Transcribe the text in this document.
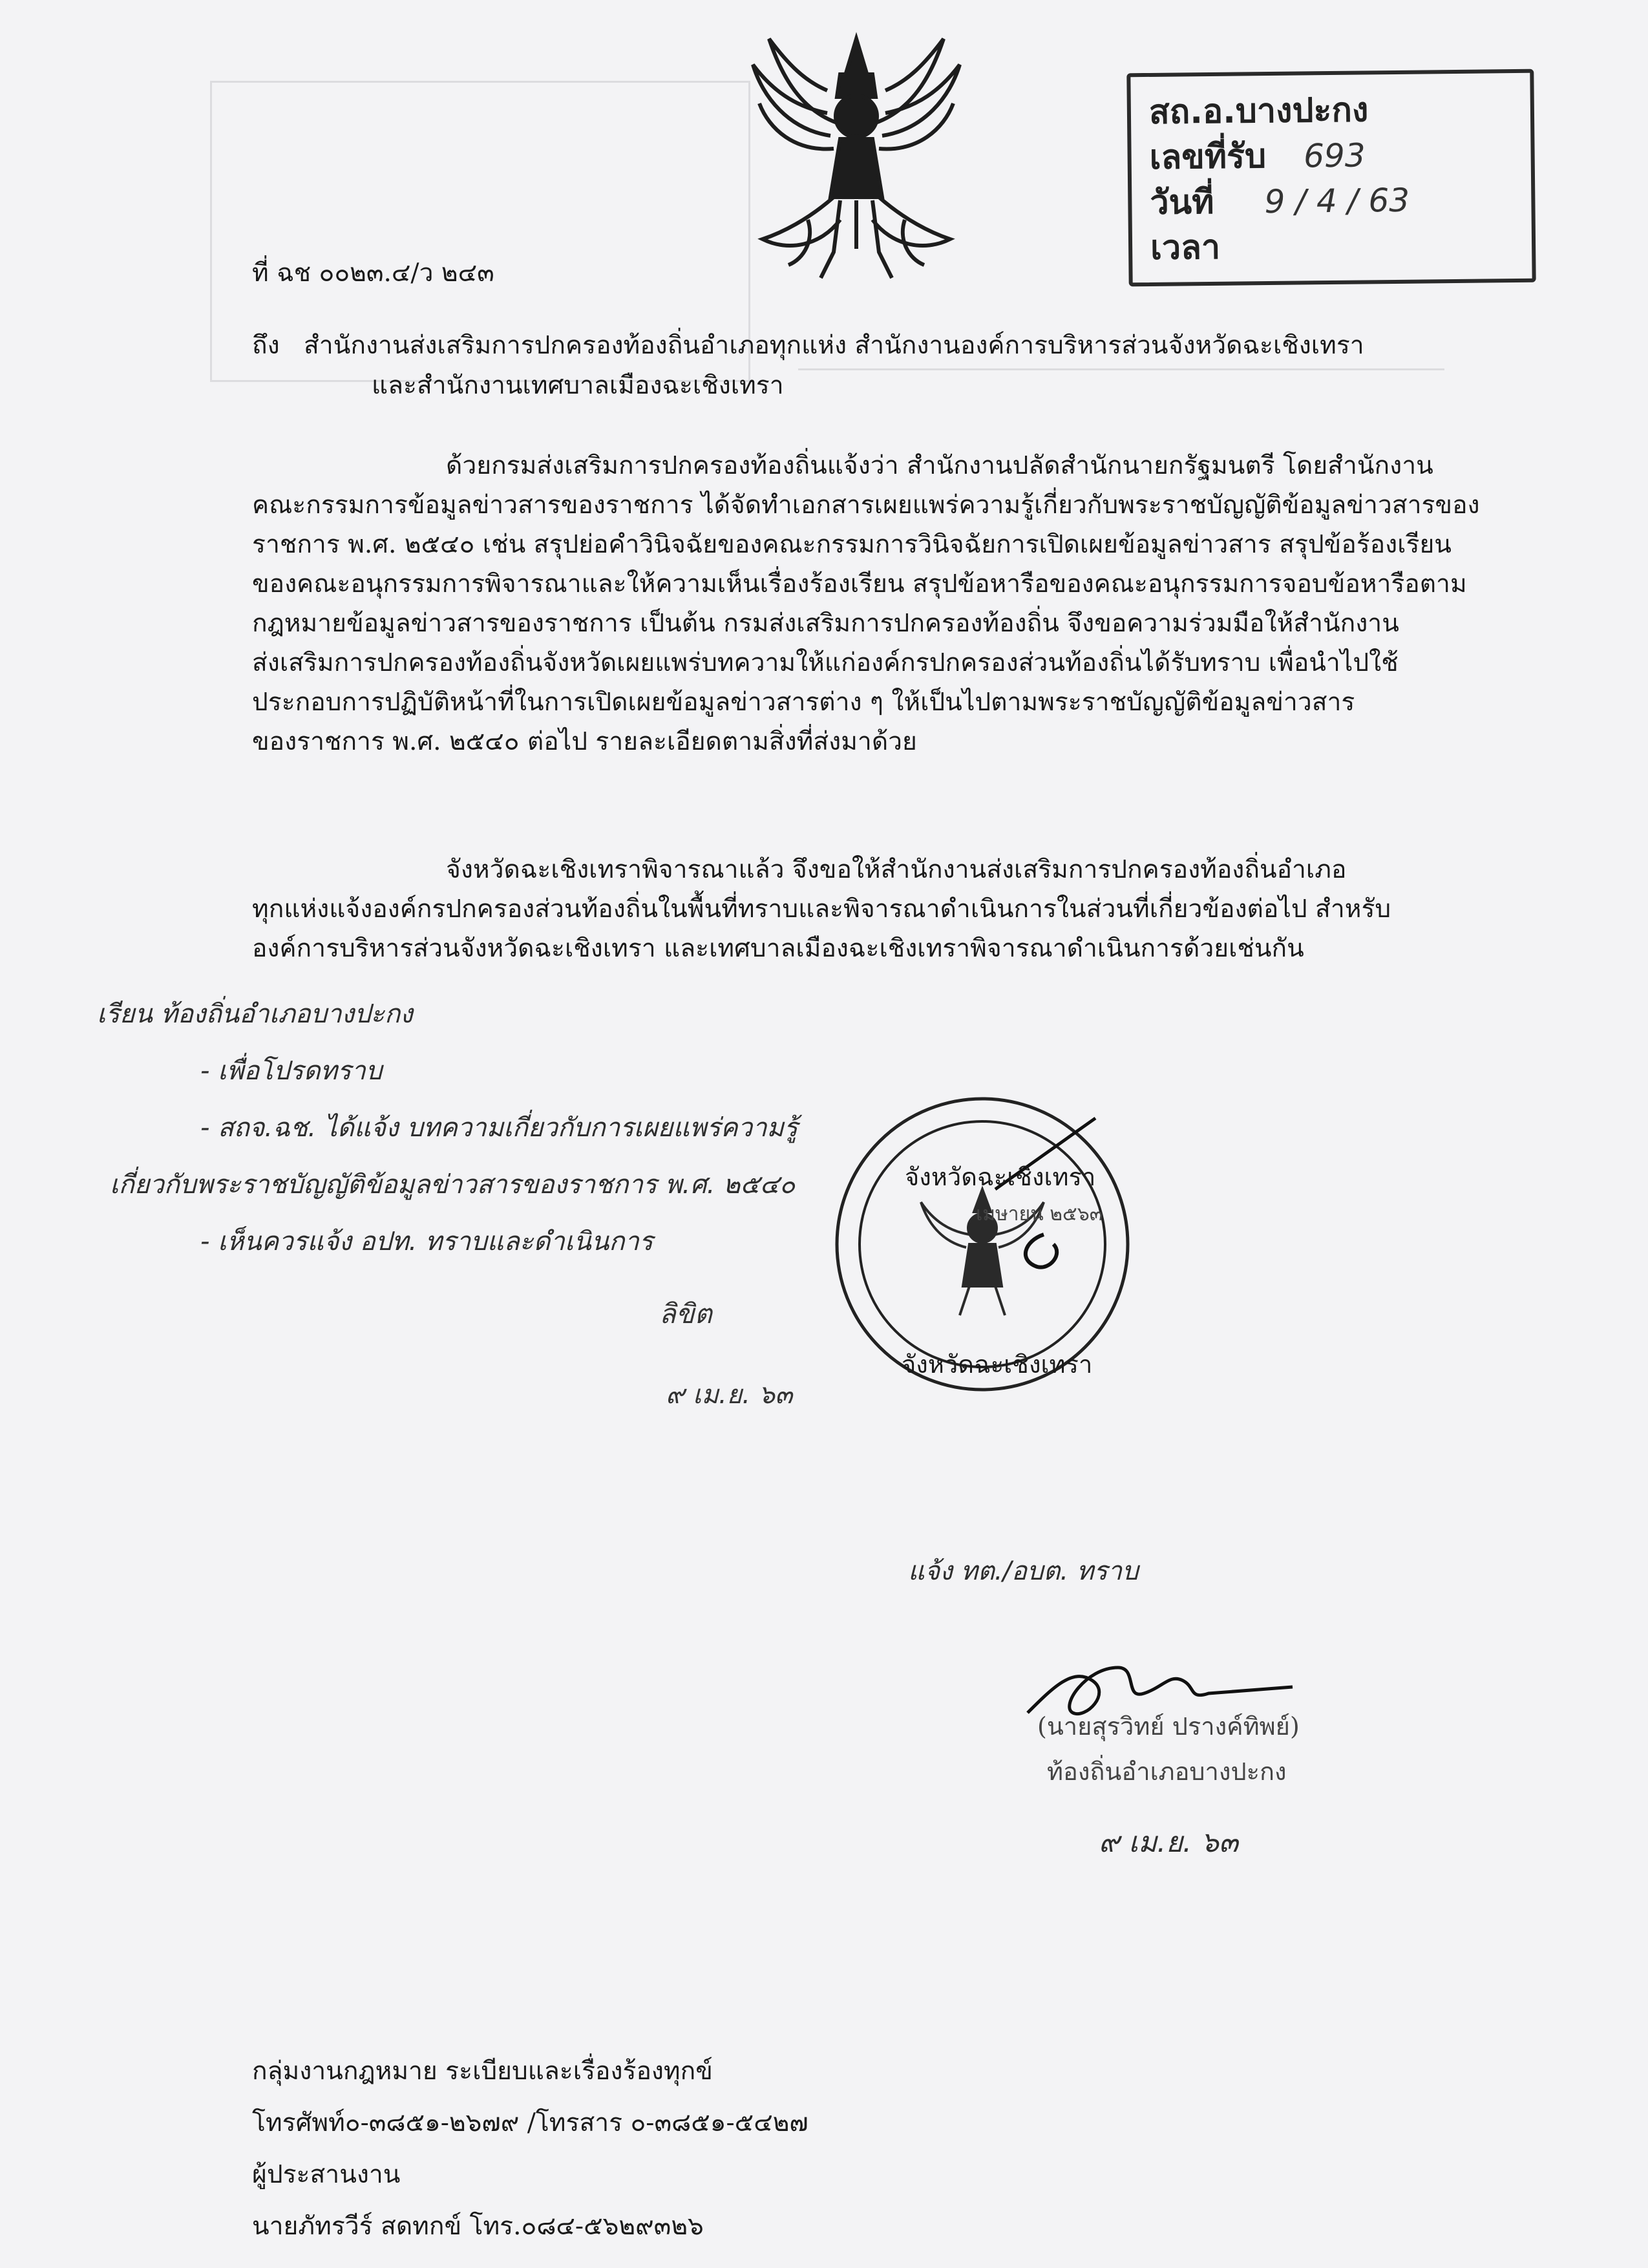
สถ.อ.บางปะกง
เลขที่รับ 693
วันที่ 9 / 4 / 63
เวลา
ที่ ฉช ๐๐๒๓.๔/ว ๒๔๓
ถึง สำนักงานส่งเสริมการปกครองท้องถิ่นอำเภอทุกแห่ง สำนักงานองค์การบริหารส่วนจังหวัดฉะเชิงเทรา
และสำนักงานเทศบาลเมืองฉะเชิงเทรา
ด้วยกรมส่งเสริมการปกครองท้องถิ่นแจ้งว่า สำนักงานปลัดสำนักนายกรัฐมนตรี โดยสำนักงาน
คณะกรรมการข้อมูลข่าวสารของราชการ ได้จัดทำเอกสารเผยแพร่ความรู้เกี่ยวกับพระราชบัญญัติข้อมูลข่าวสารของ
ราชการ พ.ศ. ๒๕๔๐ เช่น สรุปย่อคำวินิจฉัยของคณะกรรมการวินิจฉัยการเปิดเผยข้อมูลข่าวสาร สรุปข้อร้องเรียน
ของคณะอนุกรรมการพิจารณาและให้ความเห็นเรื่องร้องเรียน สรุปข้อหารือของคณะอนุกรรมการจอบข้อหารือตาม
กฎหมายข้อมูลข่าวสารของราชการ เป็นต้น กรมส่งเสริมการปกครองท้องถิ่น จึงขอความร่วมมือให้สำนักงาน
ส่งเสริมการปกครองท้องถิ่นจังหวัดเผยแพร่บทความให้แก่องค์กรปกครองส่วนท้องถิ่นได้รับทราบ เพื่อนำไปใช้
ประกอบการปฏิบัติหน้าที่ในการเปิดเผยข้อมูลข่าวสารต่าง ๆ ให้เป็นไปตามพระราชบัญญัติข้อมูลข่าวสาร
ของราชการ พ.ศ. ๒๕๔๐ ต่อไป รายละเอียดตามสิ่งที่ส่งมาด้วย
จังหวัดฉะเชิงเทราพิจารณาแล้ว จึงขอให้สำนักงานส่งเสริมการปกครองท้องถิ่นอำเภอ
ทุกแห่งแจ้งองค์กรปกครองส่วนท้องถิ่นในพื้นที่ทราบและพิจารณาดำเนินการในส่วนที่เกี่ยวข้องต่อไป สำหรับ
องค์การบริหารส่วนจังหวัดฉะเชิงเทรา และเทศบาลเมืองฉะเชิงเทราพิจารณาดำเนินการด้วยเช่นกัน
เรียน ท้องถิ่นอำเภอบางปะกง
- เพื่อโปรดทราบ
- สถจ.ฉช. ได้แจ้ง บทความเกี่ยวกับการเผยแพร่ความรู้
เกี่ยวกับพระราชบัญญัติข้อมูลข่าวสารของราชการ พ.ศ. ๒๕๔๐
- เห็นควรแจ้ง อปท. ทราบและดำเนินการ
จังหวัดฉะเชิงเทรา
เมษายน ๒๕๖๓
จังหวัดฉะเชิงเทรา
ลิขิต
๙ เม.ย. ๖๓
แจ้ง ทต./อบต. ทราบ
(นายสุรวิทย์ ปรางค์ทิพย์)
ท้องถิ่นอำเภอบางปะกง
๙ เม.ย. ๖๓
กลุ่มงานกฎหมาย ระเบียบและเรื่องร้องทุกข์
โทรศัพท์๐-๓๘๕๑-๒๖๗๙ /โทรสาร ๐-๓๘๕๑-๕๔๒๗
ผู้ประสานงาน
นายภัทรวีร์ สดทกข์ โทร.๐๘๔-๕๖๒๙๓๒๖
